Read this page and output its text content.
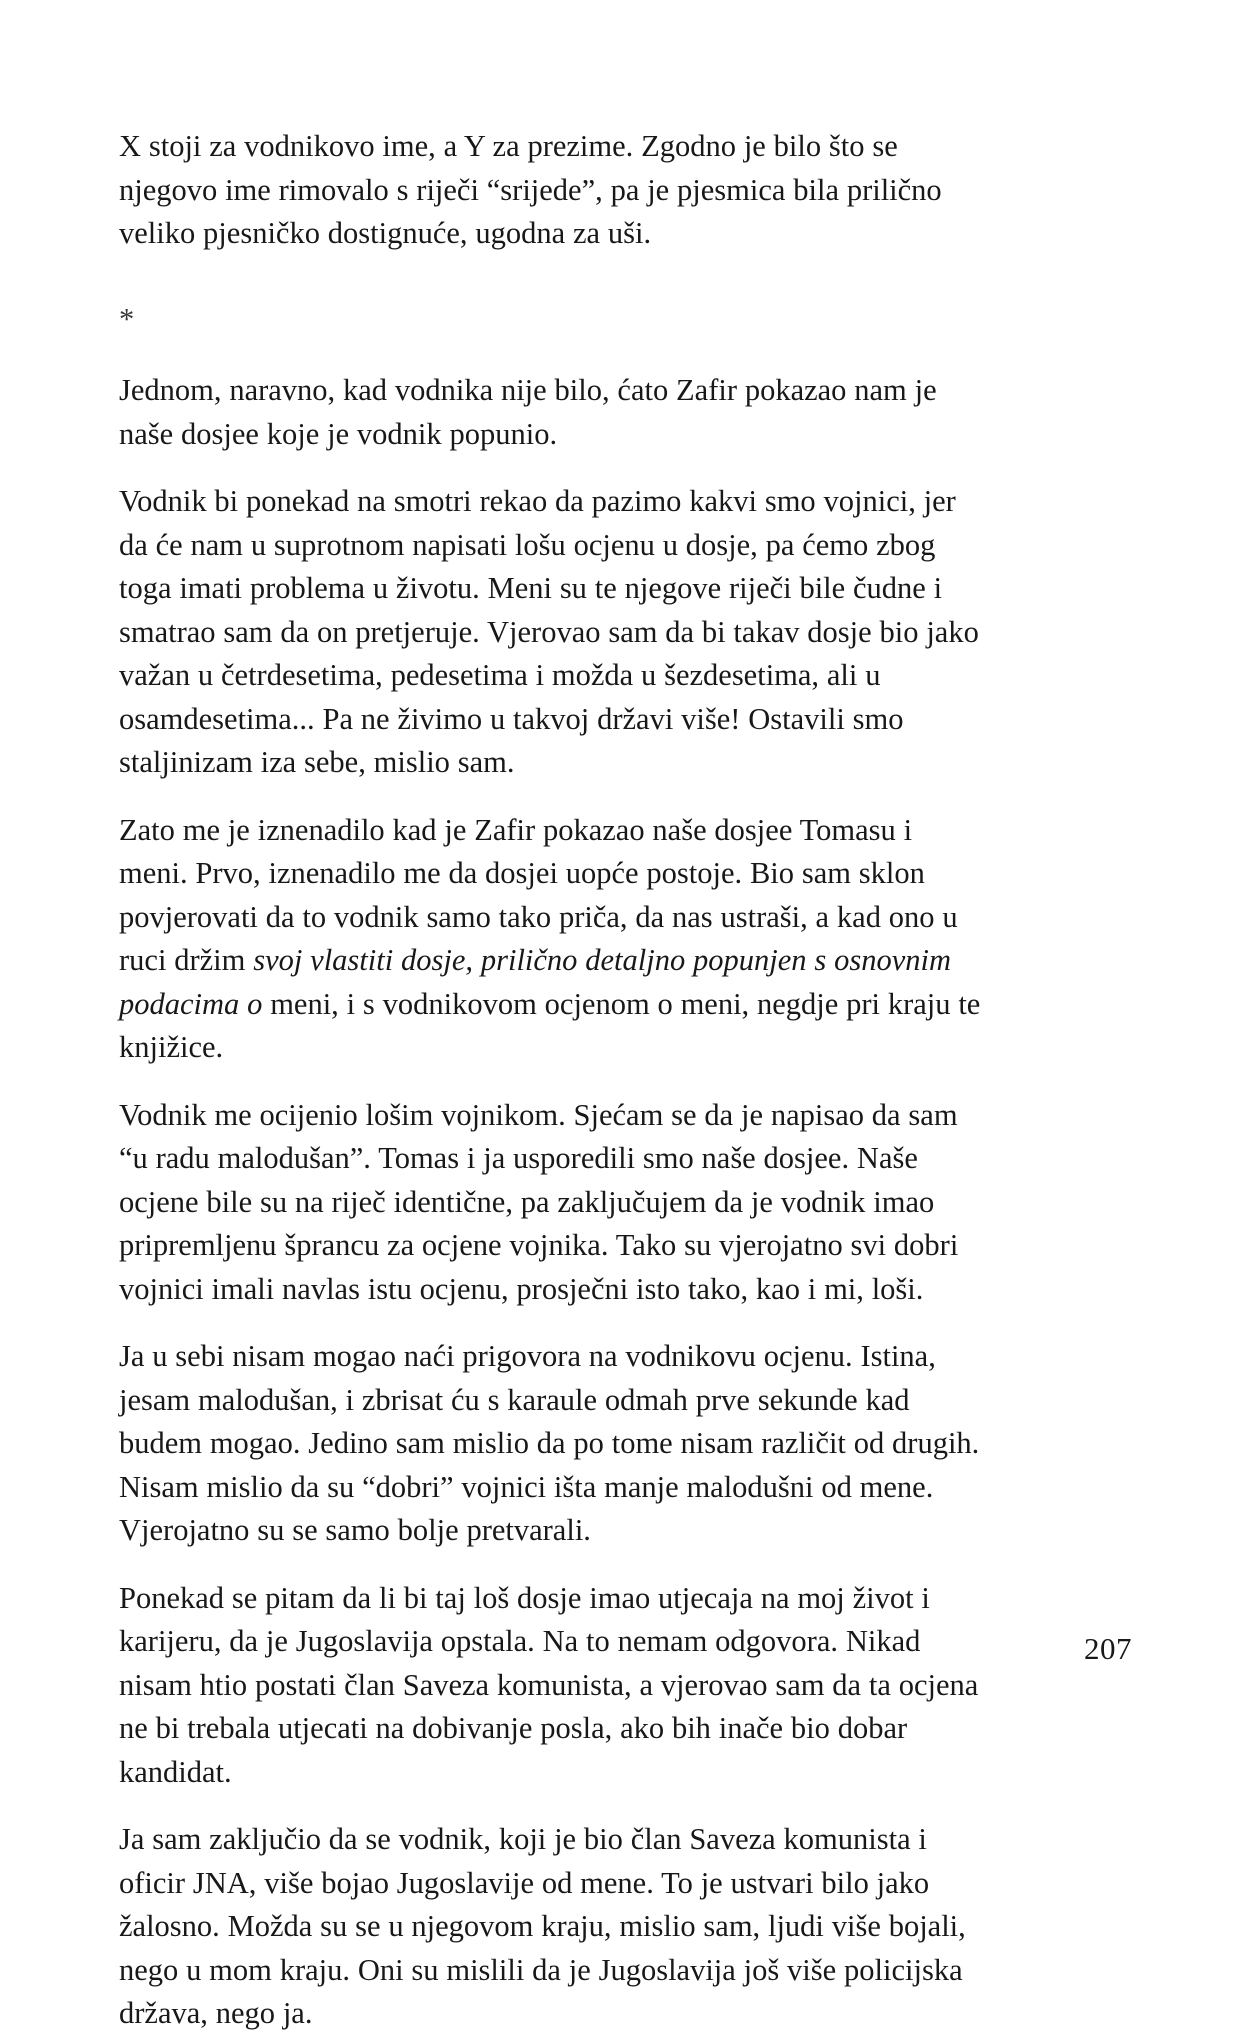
X stoji za vodnikovo ime, a Y za prezime. Zgodno je bilo što se njegovo ime rimovalo s riječi “srijede”, pa je pjesmica bila prilično veliko pjesničko dostignuće, ugodna za uši.

*

Jednom, naravno, kad vodnika nije bilo, ćato Zafir pokazao nam je naše dosjee koje je vodnik popunio.

Vodnik bi ponekad na smotri rekao da pazimo kakvi smo vojnici, jer da će nam u suprotnom napisati lošu ocjenu u dosje, pa ćemo zbog toga imati problema u životu. Meni su te njegove riječi bile čudne i smatrao sam da on pretjeruje. Vjerovao sam da bi takav dosje bio jako važan u četrdesetima, pedesetima i možda u šezdesetima, ali u osamdesetima... Pa ne živimo u takvoj državi više! Ostavili smo staljinizam iza sebe, mislio sam.

Zato me je iznenadilo kad je Zafir pokazao naše dosjee Tomasu i meni. Prvo, iznenadilo me da dosjei uopće postoje. Bio sam sklon povjerovati da to vodnik samo tako priča, da nas ustraši, a kad ono u ruci držim svoj vlastiti dosje, prilično detaljno popunjen s osnovnim podacima o meni, i s vodnikovom ocjenom o meni, negdje pri kraju te knjižice.

Vodnik me ocijenio lošim vojnikom. Sjećam se da je napisao da sam “u radu malodušan”. Tomas i ja usporedili smo naše dosjee. Naše ocjene bile su na riječ identične, pa zaključujem da je vodnik imao pripremljenu šprancu za ocjene vojnika. Tako su vjerojatno svi dobri vojnici imali navlas istu ocjenu, prosječni isto tako, kao i mi, loši.

Ja u sebi nisam mogao naći prigovora na vodnikovu ocjenu. Istina, jesam malodušan, i zbrisat ću s karaule odmah prve sekunde kad budem mogao. Jedino sam mislio da po tome nisam različit od drugih. Nisam mislio da su “dobri” vojnici išta manje malodušni od mene. Vjerojatno su se samo bolje pretvarali.

Ponekad se pitam da li bi taj loš dosje imao utjecaja na moj život i karijeru, da je Jugoslavija opstala. Na to nemam odgovora. Nikad nisam htio postati član Saveza komunista, a vjerovao sam da ta ocjena ne bi trebala utjecati na dobivanje posla, ako bih inače bio dobar kandidat.

Ja sam zaključio da se vodnik, koji je bio član Saveza komunista i oficir JNA, više bojao Jugoslavije od mene. To je ustvari bilo jako žalosno. Možda su se u njegovom kraju, mislio sam, ljudi više bojali, nego u mom kraju. Oni su mislili da je Jugoslavija još više policijska država, nego ja.

207
